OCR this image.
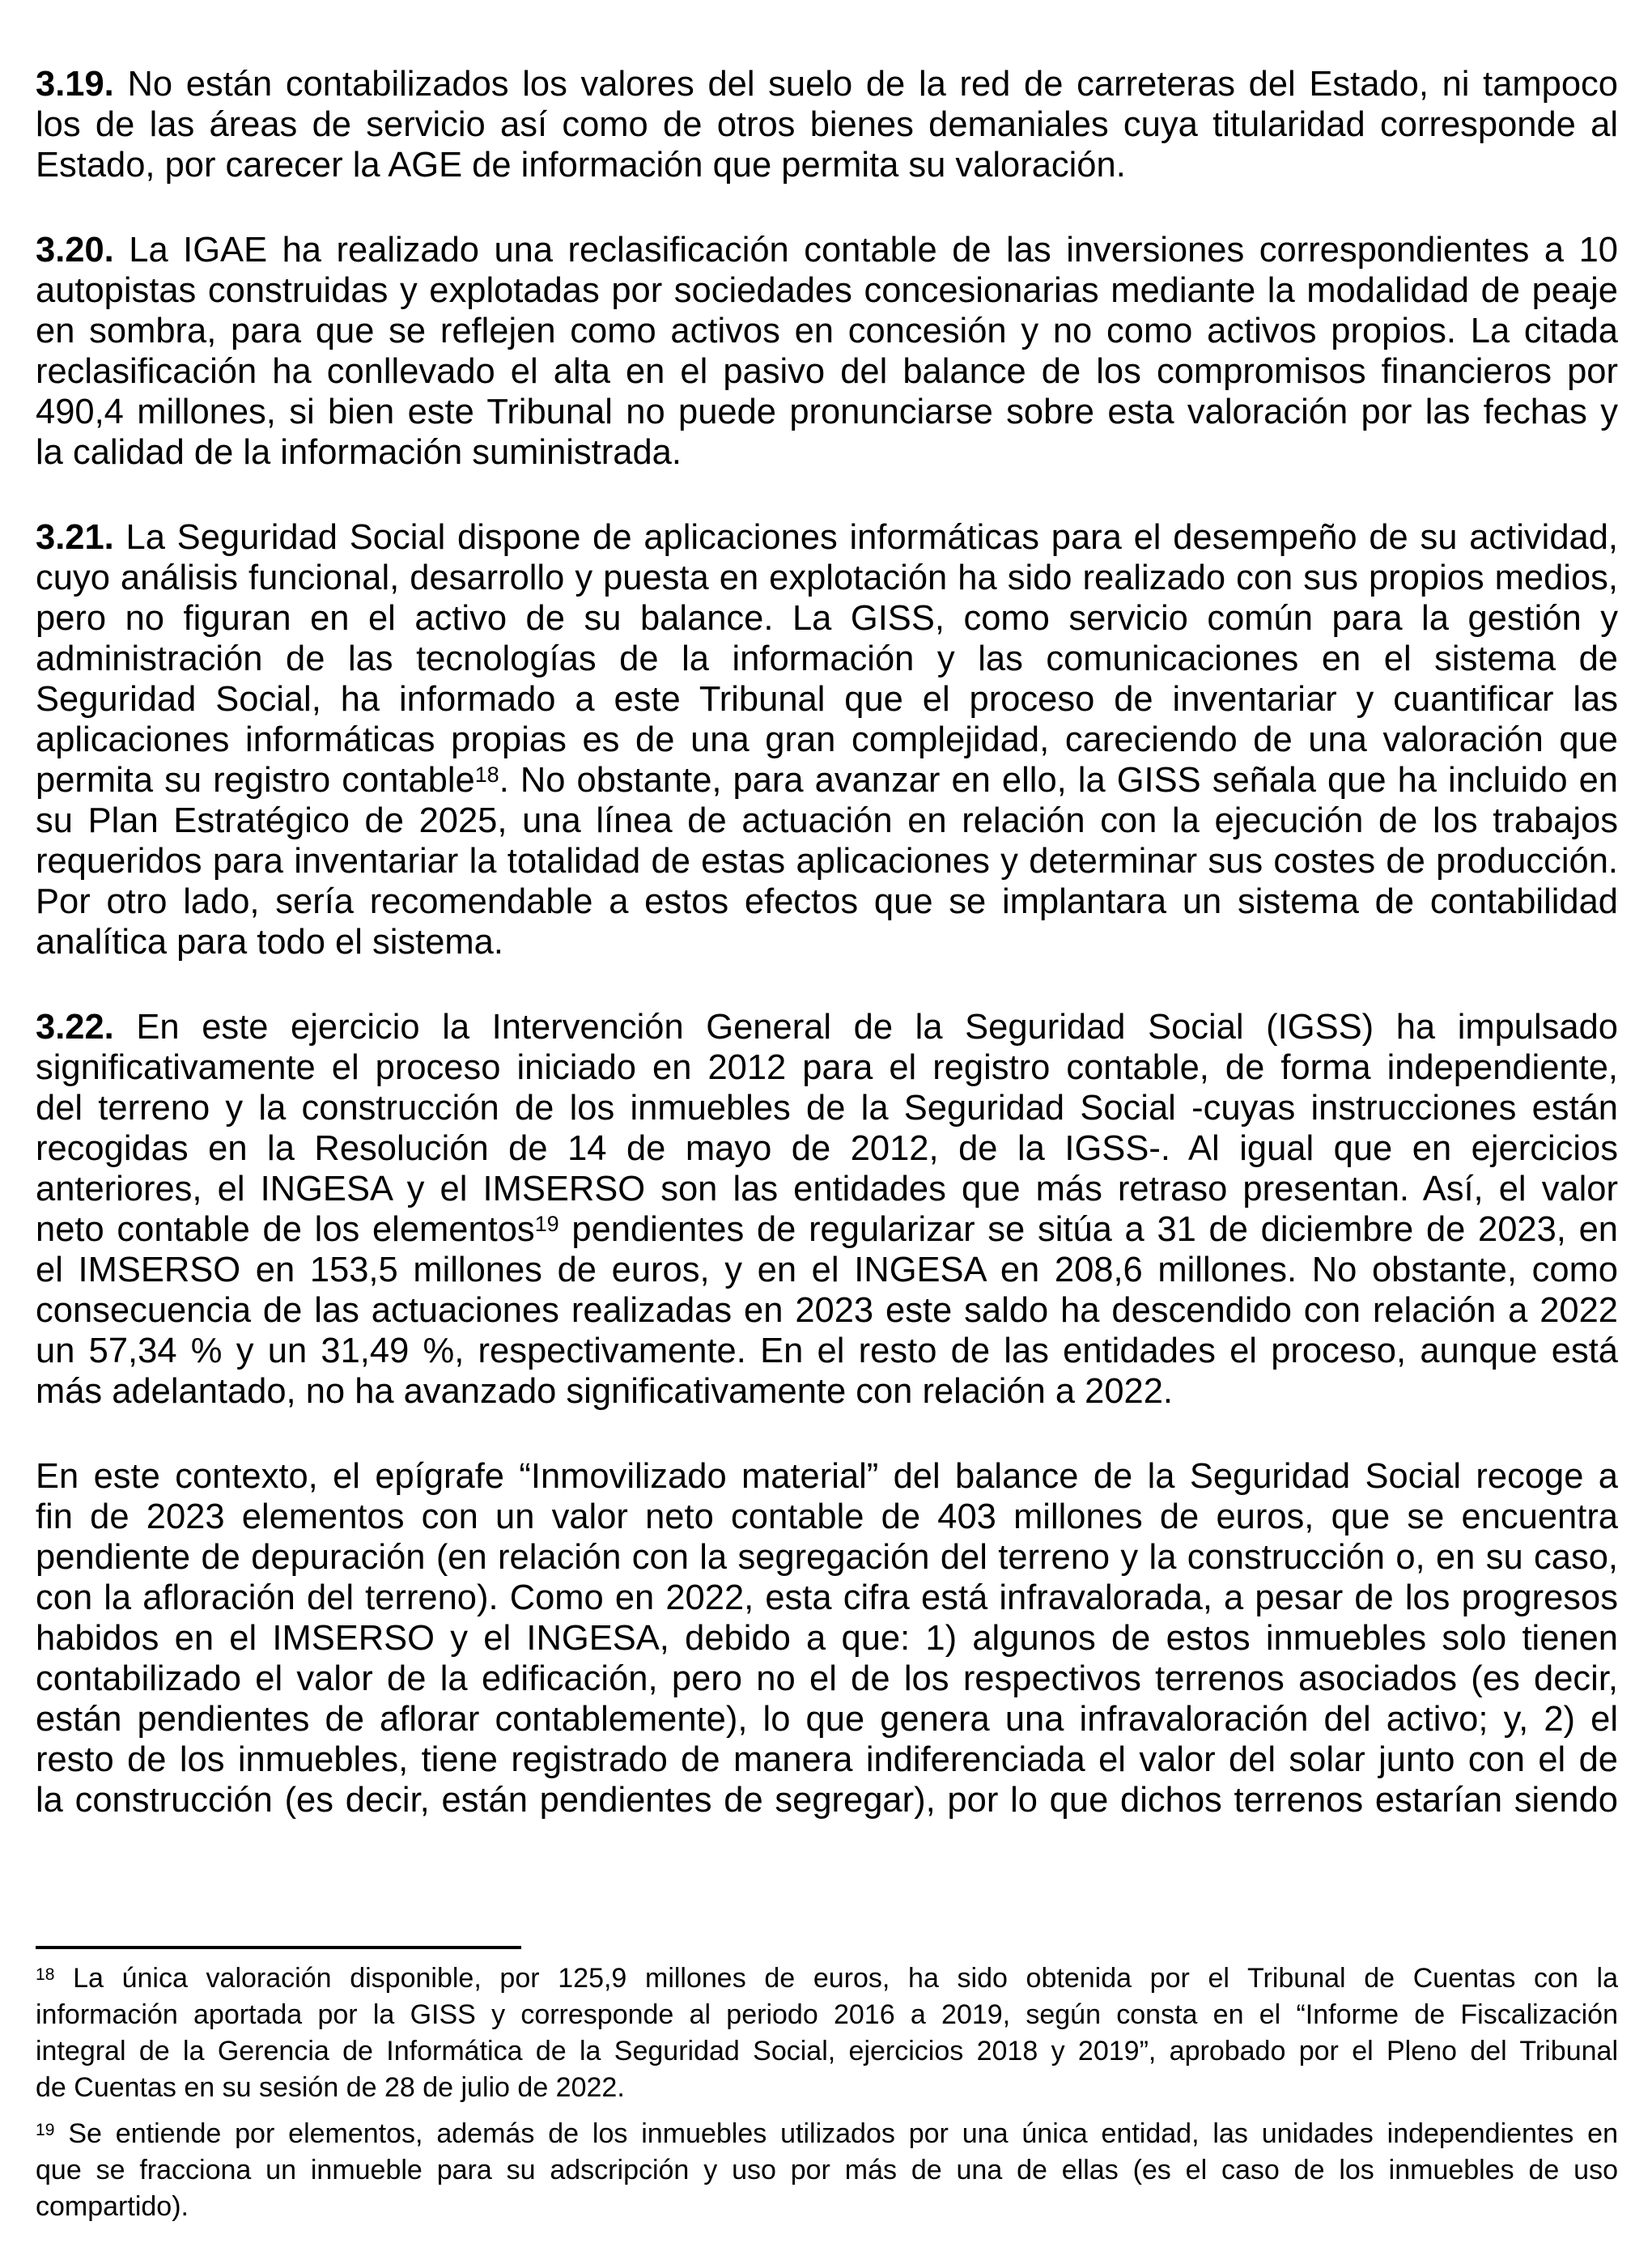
3.19. No están contabilizados los valores del suelo de la red de carreteras del Estado, ni tampoco
los de las áreas de servicio así como de otros bienes demaniales cuya titularidad corresponde al
Estado, por carecer la AGE de información que permita su valoración.
3.20. La IGAE ha realizado una reclasificación contable de las inversiones correspondientes a 10
autopistas construidas y explotadas por sociedades concesionarias mediante la modalidad de peaje
en sombra, para que se reflejen como activos en concesión y no como activos propios. La citada
reclasificación ha conllevado el alta en el pasivo del balance de los compromisos financieros por
490,4 millones, si bien este Tribunal no puede pronunciarse sobre esta valoración por las fechas y
la calidad de la información suministrada.
3.21. La Seguridad Social dispone de aplicaciones informáticas para el desempeño de su actividad,
cuyo análisis funcional, desarrollo y puesta en explotación ha sido realizado con sus propios medios,
pero no figuran en el activo de su balance. La GISS, como servicio común para la gestión y
administración de las tecnologías de la información y las comunicaciones en el sistema de
Seguridad Social, ha informado a este Tribunal que el proceso de inventariar y cuantificar las
aplicaciones informáticas propias es de una gran complejidad, careciendo de una valoración que
permita su registro contable$^{18}$. No obstante, para avanzar en ello, la GISS señala que ha incluido en
su Plan Estratégico de 2025, una línea de actuación en relación con la ejecución de los trabajos
requeridos para inventariar la totalidad de estas aplicaciones y determinar sus costes de producción.
Por otro lado, sería recomendable a estos efectos que se implantara un sistema de contabilidad
analítica para todo el sistema.
3.22. En este ejercicio la Intervención General de la Seguridad Social (IGSS) ha impulsado
significativamente el proceso iniciado en 2012 para el registro contable, de forma independiente,
del terreno y la construcción de los inmuebles de la Seguridad Social -cuyas instrucciones están
recogidas en la Resolución de 14 de mayo de 2012, de la IGSS-. Al igual que en ejercicios
anteriores, el INGESA y el IMSERSO son las entidades que más retraso presentan. Así, el valor
neto contable de los elementos$^{19}$ pendientes de regularizar se sitúa a 31 de diciembre de 2023, en
el IMSERSO en 153,5 millones de euros, y en el INGESA en 208,6 millones. No obstante, como
consecuencia de las actuaciones realizadas en 2023 este saldo ha descendido con relación a 2022
un 57,34 % y un 31,49 %, respectivamente. En el resto de las entidades el proceso, aunque está
más adelantado, no ha avanzado significativamente con relación a 2022.
En este contexto, el epígrafe “Inmovilizado material” del balance de la Seguridad Social recoge a
fin de 2023 elementos con un valor neto contable de 403 millones de euros, que se encuentra
pendiente de depuración (en relación con la segregación del terreno y la construcción o, en su caso,
con la afloración del terreno). Como en 2022, esta cifra está infravalorada, a pesar de los progresos
habidos en el IMSERSO y el INGESA, debido a que: 1) algunos de estos inmuebles solo tienen
contabilizado el valor de la edificación, pero no el de los respectivos terrenos asociados (es decir,
están pendientes de aflorar contablemente), lo que genera una infravaloración del activo; y, 2) el
resto de los inmuebles, tiene registrado de manera indiferenciada el valor del solar junto con el de
la construcción (es decir, están pendientes de segregar), por lo que dichos terrenos estarían siendo
$^{18}$ La única valoración disponible, por 125,9 millones de euros, ha sido obtenida por el Tribunal de Cuentas con la
información aportada por la GISS y corresponde al periodo 2016 a 2019, según consta en el “Informe de Fiscalización
integral de la Gerencia de Informática de la Seguridad Social, ejercicios 2018 y 2019”, aprobado por el Pleno del Tribunal
de Cuentas en su sesión de 28 de julio de 2022.
$^{19}$ Se entiende por elementos, además de los inmuebles utilizados por una única entidad, las unidades independientes en
que se fracciona un inmueble para su adscripción y uso por más de una de ellas (es el caso de los inmuebles de uso
compartido).
